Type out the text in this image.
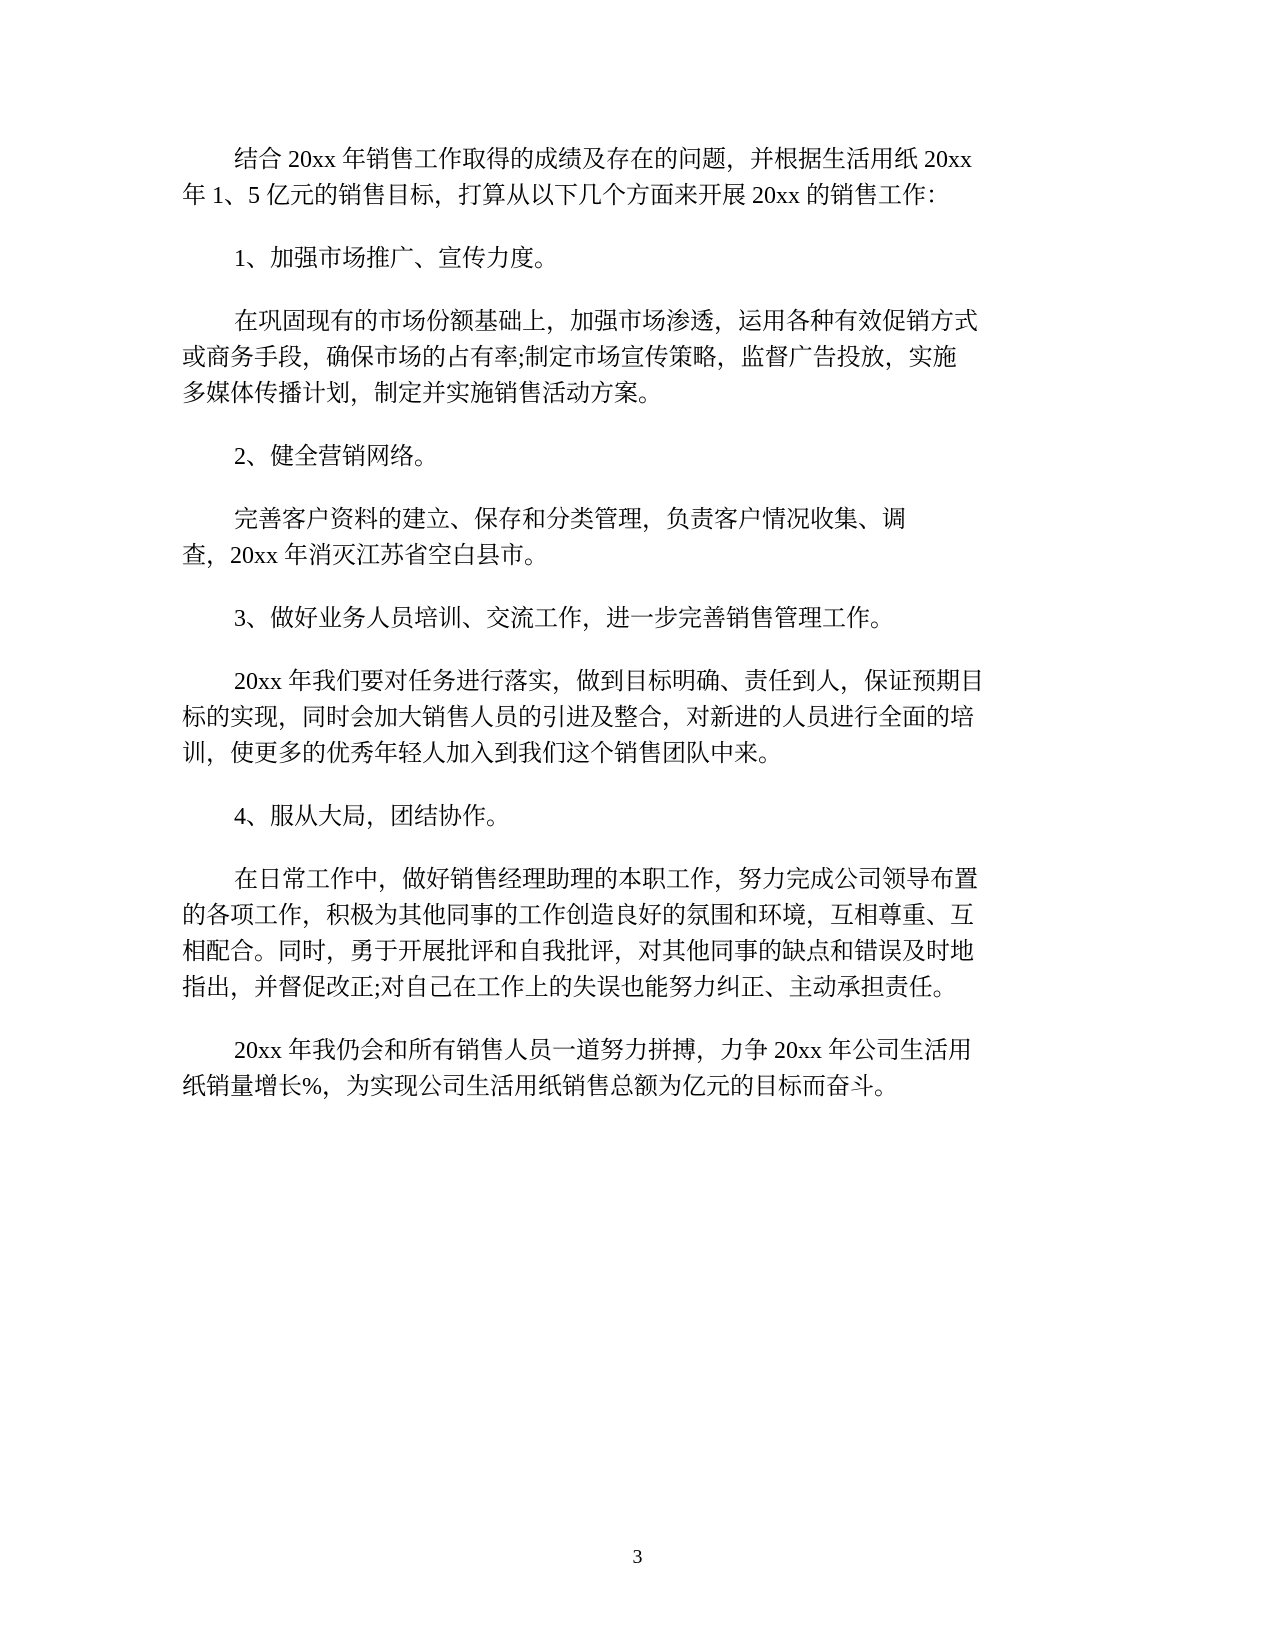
结合 20xx 年销售工作取得的成绩及存在的问题，并根据生活用纸 20xx
年 1、5 亿元的销售目标，打算从以下几个方面来开展 20xx 的销售工作：

1、加强市场推广、宣传力度。

在巩固现有的市场份额基础上，加强市场渗透，运用各种有效促销方式
或商务手段，确保市场的占有率;制定市场宣传策略，监督广告投放，实施
多媒体传播计划，制定并实施销售活动方案。

2、健全营销网络。

完善客户资料的建立、保存和分类管理，负责客户情况收集、调
查，20xx 年消灭江苏省空白县市。

3、做好业务人员培训、交流工作，进一步完善销售管理工作。

20xx 年我们要对任务进行落实，做到目标明确、责任到人，保证预期目
标的实现，同时会加大销售人员的引进及整合，对新进的人员进行全面的培
训，使更多的优秀年轻人加入到我们这个销售团队中来。

4、服从大局，团结协作。

在日常工作中，做好销售经理助理的本职工作，努力完成公司领导布置
的各项工作，积极为其他同事的工作创造良好的氛围和环境，互相尊重、互
相配合。同时，勇于开展批评和自我批评，对其他同事的缺点和错误及时地
指出，并督促改正;对自己在工作上的失误也能努力纠正、主动承担责任。

20xx 年我仍会和所有销售人员一道努力拼搏，力争 20xx 年公司生活用
纸销量增长%，为实现公司生活用纸销售总额为亿元的目标而奋斗。

3
